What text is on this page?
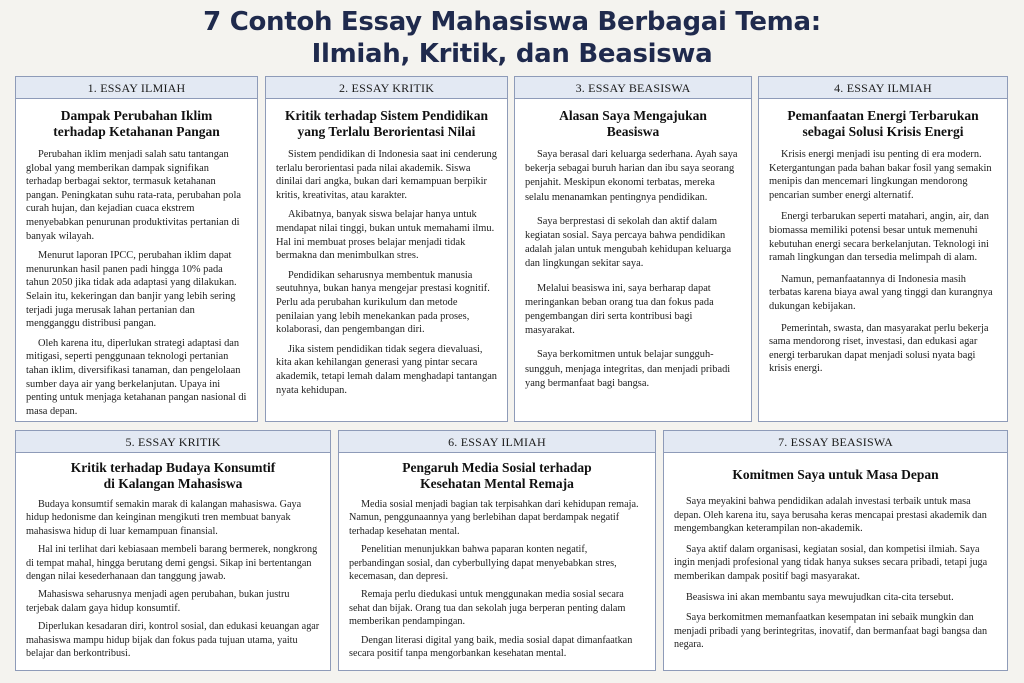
7 Contoh Essay Mahasiswa Berbagai Tema:
Ilmiah, Kritik, dan Beasiswa
1. ESSAY ILMIAH
Dampak Perubahan Iklim
terhadap Ketahanan Pangan

Perubahan iklim menjadi salah satu tantangan global yang memberikan dampak signifikan terhadap berbagai sektor, termasuk ketahanan pangan. Peningkatan suhu rata-rata, perubahan pola curah hujan, dan kejadian cuaca ekstrem menyebabkan penurunan produktivitas pertanian di banyak wilayah.

Menurut laporan IPCC, perubahan iklim dapat menurunkan hasil panen padi hingga 10% pada tahun 2050 jika tidak ada adaptasi yang dilakukan. Selain itu, kekeringan dan banjir yang lebih sering terjadi juga merusak lahan pertanian dan mengganggu distribusi pangan.

Oleh karena itu, diperlukan strategi adaptasi dan mitigasi, seperti penggunaan teknologi pertanian tahan iklim, diversifikasi tanaman, dan pengelolaan sumber daya air yang berkelanjutan. Upaya ini penting untuk menjaga ketahanan pangan nasional di masa depan.

2. ESSAY KRITIK
Kritik terhadap Sistem Pendidikan
yang Terlalu Berorientasi Nilai

Sistem pendidikan di Indonesia saat ini cenderung terlalu berorientasi pada nilai akademik. Siswa dinilai dari angka, bukan dari kemampuan berpikir kritis, kreativitas, atau karakter.

Akibatnya, banyak siswa belajar hanya untuk mendapat nilai tinggi, bukan untuk memahami ilmu. Hal ini membuat proses belajar menjadi tidak bermakna dan menimbulkan stres.

Pendidikan seharusnya membentuk manusia seutuhnya, bukan hanya mengejar prestasi kognitif. Perlu ada perubahan kurikulum dan metode penilaian yang lebih menekankan pada proses, kolaborasi, dan pengembangan diri.

Jika sistem pendidikan tidak segera dievaluasi, kita akan kehilangan generasi yang pintar secara akademik, tetapi lemah dalam menghadapi tantangan nyata kehidupan.

3. ESSAY BEASISWA
Alasan Saya Mengajukan
Beasiswa

Saya berasal dari keluarga sederhana. Ayah saya bekerja sebagai buruh harian dan ibu saya seorang penjahit. Meskipun ekonomi terbatas, mereka selalu menanamkan pentingnya pendidikan.

Saya berprestasi di sekolah dan aktif dalam kegiatan sosial. Saya percaya bahwa pendidikan adalah jalan untuk mengubah kehidupan keluarga dan lingkungan sekitar saya.

Melalui beasiswa ini, saya berharap dapat meringankan beban orang tua dan fokus pada pengembangan diri serta kontribusi bagi masyarakat.

Saya berkomitmen untuk belajar sungguh-sungguh, menjaga integritas, dan menjadi pribadi yang bermanfaat bagi bangsa.

4. ESSAY ILMIAH
Pemanfaatan Energi Terbarukan
sebagai Solusi Krisis Energi

Krisis energi menjadi isu penting di era modern. Ketergantungan pada bahan bakar fosil yang semakin menipis dan mencemari lingkungan mendorong pencarian sumber energi alternatif.

Energi terbarukan seperti matahari, angin, air, dan biomassa memiliki potensi besar untuk memenuhi kebutuhan energi secara berkelanjutan. Teknologi ini ramah lingkungan dan tersedia melimpah di alam.

Namun, pemanfaatannya di Indonesia masih terbatas karena biaya awal yang tinggi dan kurangnya dukungan kebijakan.

Pemerintah, swasta, dan masyarakat perlu bekerja sama mendorong riset, investasi, dan edukasi agar energi terbarukan dapat menjadi solusi nyata bagi krisis energi.

5. ESSAY KRITIK
Kritik terhadap Budaya Konsumtif
di Kalangan Mahasiswa

Budaya konsumtif semakin marak di kalangan mahasiswa. Gaya hidup hedonisme dan keinginan mengikuti tren membuat banyak mahasiswa hidup di luar kemampuan finansial.

Hal ini terlihat dari kebiasaan membeli barang bermerek, nongkrong di tempat mahal, hingga berutang demi gengsi. Sikap ini bertentangan dengan nilai kesederhanaan dan tanggung jawab.

Mahasiswa seharusnya menjadi agen perubahan, bukan justru terjebak dalam gaya hidup konsumtif.

Diperlukan kesadaran diri, kontrol sosial, dan edukasi keuangan agar mahasiswa mampu hidup bijak dan fokus pada tujuan utama, yaitu belajar dan berkontribusi.

6. ESSAY ILMIAH
Pengaruh Media Sosial terhadap
Kesehatan Mental Remaja

Media sosial menjadi bagian tak terpisahkan dari kehidupan remaja. Namun, penggunaannya yang berlebihan dapat berdampak negatif terhadap kesehatan mental.

Penelitian menunjukkan bahwa paparan konten negatif, perbandingan sosial, dan cyberbullying dapat menyebabkan stres, kecemasan, dan depresi.

Remaja perlu diedukasi untuk menggunakan media sosial secara sehat dan bijak. Orang tua dan sekolah juga berperan penting dalam memberikan pendampingan.

Dengan literasi digital yang baik, media sosial dapat dimanfaatkan secara positif tanpa mengorbankan kesehatan mental.

7. ESSAY BEASISWA
Komitmen Saya untuk Masa Depan

Saya meyakini bahwa pendidikan adalah investasi terbaik untuk masa depan. Oleh karena itu, saya berusaha keras mencapai prestasi akademik dan mengembangkan keterampilan non-akademik.

Saya aktif dalam organisasi, kegiatan sosial, dan kompetisi ilmiah. Saya ingin menjadi profesional yang tidak hanya sukses secara pribadi, tetapi juga memberikan dampak positif bagi masyarakat.

Beasiswa ini akan membantu saya mewujudkan cita-cita tersebut.

Saya berkomitmen memanfaatkan kesempatan ini sebaik mungkin dan menjadi pribadi yang berintegritas, inovatif, dan bermanfaat bagi bangsa dan negara.
